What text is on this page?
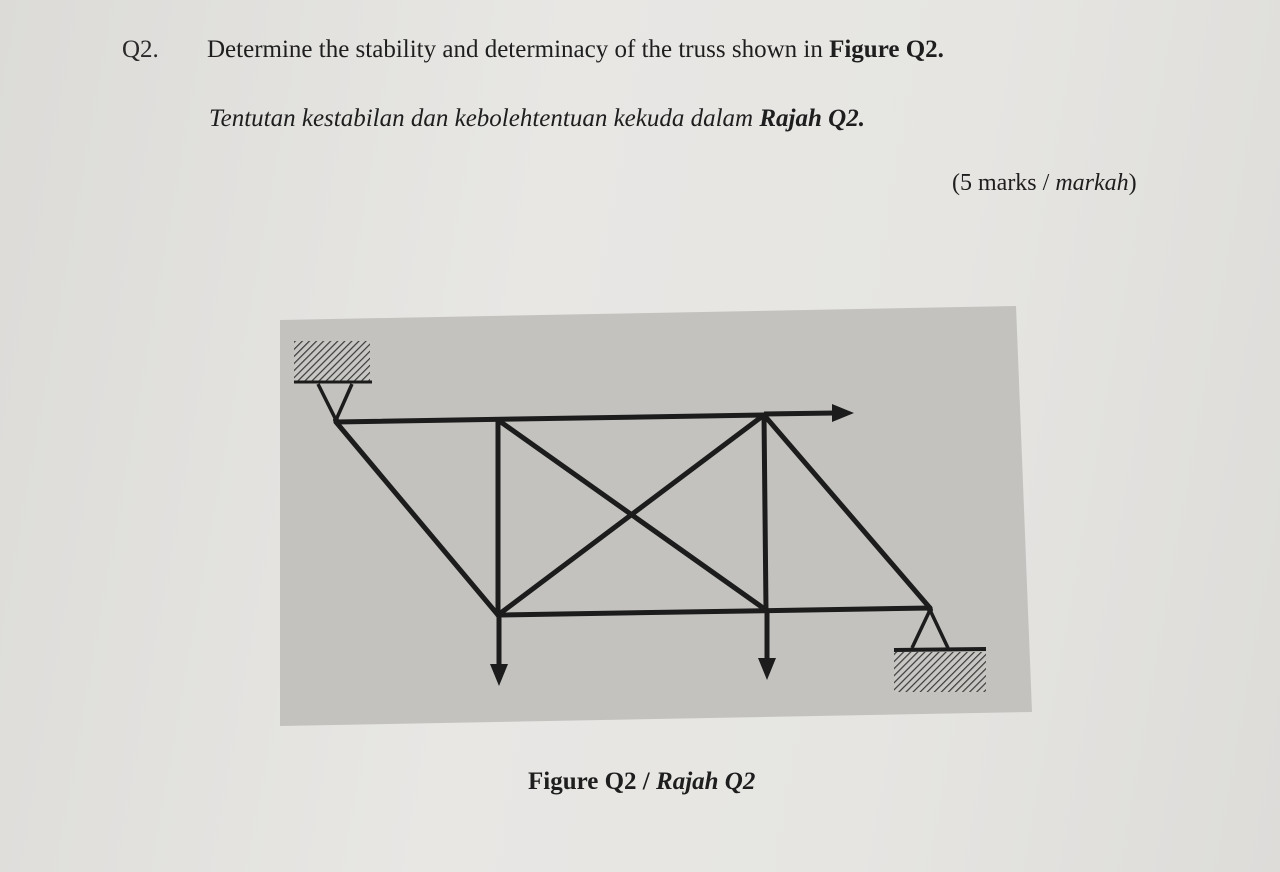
Q2. Determine the stability and determinacy of the truss shown in Figure Q2.
Tentutan kestabilan dan kebolehtentuan kekuda dalam Rajah Q2.
(5 marks / markah)
Figure Q2 / Rajah Q2
